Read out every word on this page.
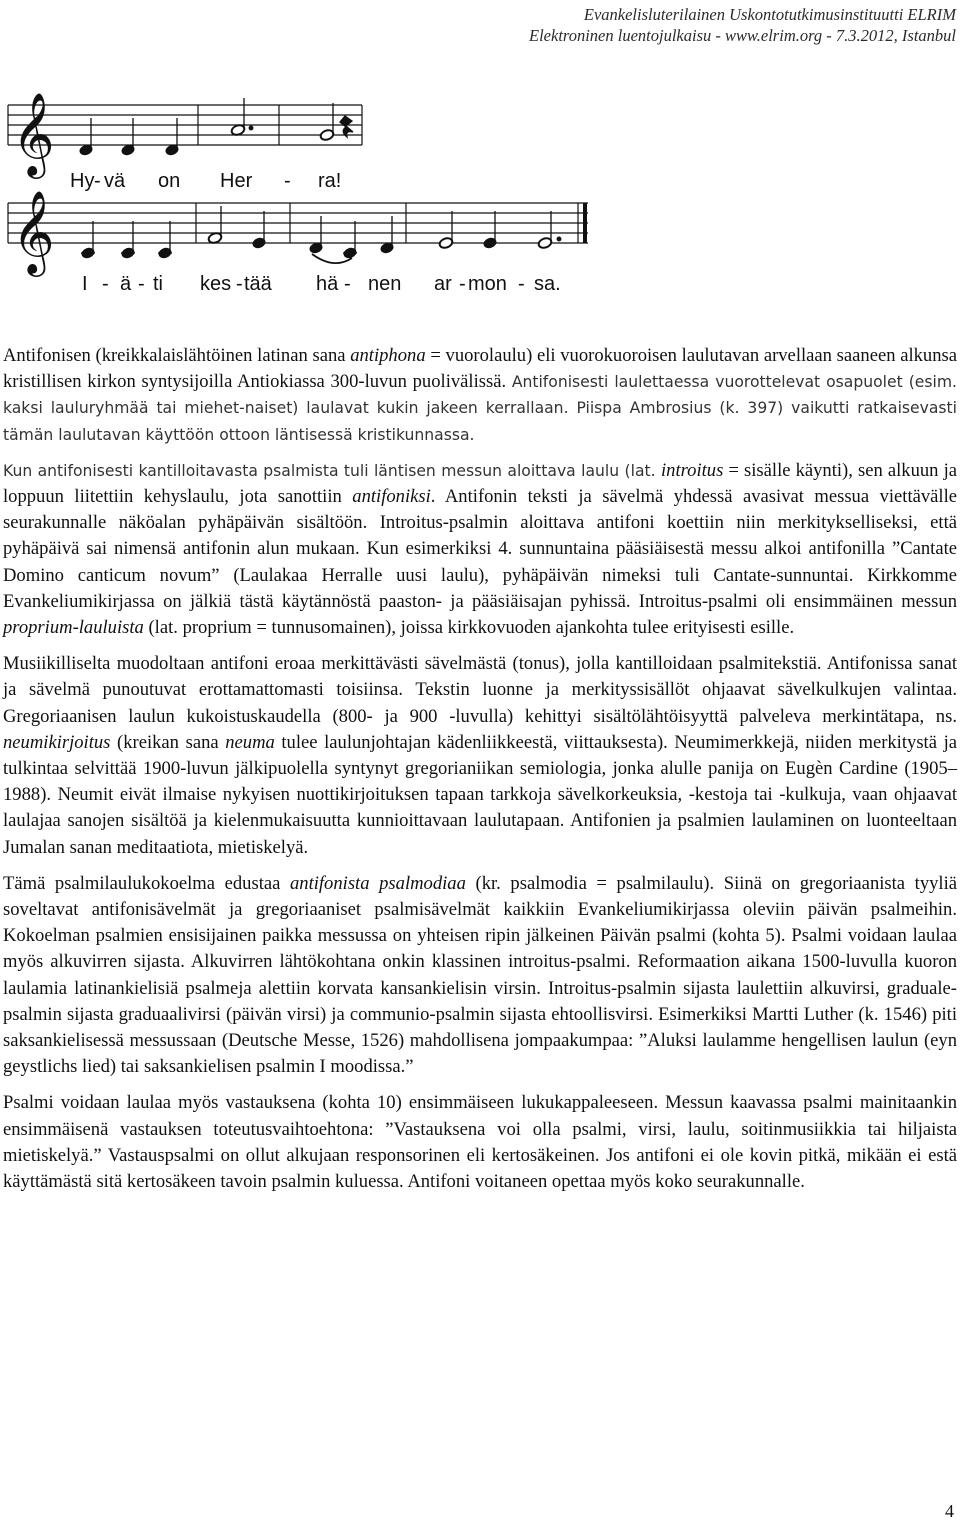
Evankelisluterilainen Uskontotutkimusinstituutti ELRIM
Elektroninen luentojulkaisu - www.elrim.org - 7.3.2012, Istanbul
𝄞
Hy - vä on Her - ra!
𝄞
I - ä - ti kes - tää hä - nen ar - mon - sa.

Antifonisen (kreikkalaislähtöinen latinan sana antiphona = vuorolaulu) eli vuorokuoroisen laulutavan arvellaan saaneen alkunsa kristillisen kirkon syntysijoilla Antiokiassa 300-luvun puolivälissä. Antifonisesti laulettaessa vuorottelevat osapuolet (esim. kaksi lauluryhmää tai miehet-naiset) laulavat kukin jakeen kerrallaan. Piispa Ambrosius (k. 397) vaikutti ratkaisevasti tämän laulutavan käyttöön ottoon läntisessä kristikunnassa.

Kun antifonisesti kantilloitavasta psalmista tuli läntisen messun aloittava laulu (lat. introitus = sisälle käynti), sen alkuun ja loppuun liitettiin kehyslaulu, jota sanottiin antifoniksi. Antifonin teksti ja sävelmä yhdessä avasivat messua viettävälle seurakunnalle näköalan pyhäpäivän sisältöön. Introitus-psalmin aloittava antifoni koettiin niin merkitykselliseksi, että pyhäpäivä sai nimensä antifonin alun mukaan. Kun esimerkiksi 4. sunnuntaina pääsiäisestä messu alkoi antifonilla ”Cantate Domino canticum novum” (Laulakaa Herralle uusi laulu), pyhäpäivän nimeksi tuli Cantate-sunnuntai. Kirkkomme Evankeliumikirjassa on jälkiä tästä käytännöstä paaston- ja pääsiäisajan pyhissä. Introitus-psalmi oli ensimmäinen messun proprium-lauluista (lat. proprium = tunnusomainen), joissa kirkkovuoden ajankohta tulee erityisesti esille.

Musiikilliselta muodoltaan antifoni eroaa merkittävästi sävelmästä (tonus), jolla kantilloidaan psalmitekstiä. Antifonissa sanat ja sävelmä punoutuvat erottamattomasti toisiinsa. Tekstin luonne ja merkityssisällöt ohjaavat sävelkulkujen valintaa. Gregoriaanisen laulun kukoistuskaudella (800- ja 900 -luvulla) kehittyi sisältölähtöisyyttä palveleva merkintätapa, ns. neumikirjoitus (kreikan sana neuma tulee laulunjohtajan kädenliikkeestä, viittauksesta). Neumimerkkejä, niiden merkitystä ja tulkintaa selvittää 1900-luvun jälkipuolella syntynyt gregorianiikan semiologia, jonka alulle panija on Eugèn Cardine (1905–1988). Neumit eivät ilmaise nykyisen nuottikirjoituksen tapaan tarkkoja sävelkorkeuksia, -kestoja tai -kulkuja, vaan ohjaavat laulajaa sanojen sisältöä ja kielenmukaisuutta kunnioittavaan laulutapaan. Antifonien ja psalmien laulaminen on luonteeltaan Jumalan sanan meditaatiota, mietiskelyä.

Tämä psalmilaulukokoelma edustaa antifonista psalmodiaa (kr. psalmodia = psalmilaulu). Siinä on gregoriaanista tyyliä soveltavat antifonisävelmät ja gregoriaaniset psalmisävelmät kaikkiin Evankeliumikirjassa oleviin päivän psalmeihin. Kokoelman psalmien ensisijainen paikka messussa on yhteisen ripin jälkeinen Päivän psalmi (kohta 5). Psalmi voidaan laulaa myös alkuvirren sijasta. Alkuvirren lähtökohtana onkin klassinen introitus-psalmi. Reformaation aikana 1500-luvulla kuoron laulamia latinankielisiä psalmeja alettiin korvata kansankielisin virsin. Introitus-psalmin sijasta laulettiin alkuvirsi, graduale-psalmin sijasta graduaalivirsi (päivän virsi) ja communio-psalmin sijasta ehtoollisvirsi. Esimerkiksi Martti Luther (k. 1546) piti saksankielisessä messussaan (Deutsche Messe, 1526) mahdollisena jompaakumpaa: ”Aluksi laulamme hengellisen laulun (eyn geystlichs lied) tai saksankielisen psalmin I moodissa.”

Psalmi voidaan laulaa myös vastauksena (kohta 10) ensimmäiseen lukukappaleeseen. Messun kaavassa psalmi mainitaankin ensimmäisenä vastauksen toteutusvaihtoehtona: ”Vastauksena voi olla psalmi, virsi, laulu, soitinmusiikkia tai hiljaista mietiskelyä.” Vastauspsalmi on ollut alkujaan responsorinen eli kertosäkeinen. Jos antifoni ei ole kovin pitkä, mikään ei estä käyttämästä sitä kertosäkeen tavoin psalmin kuluessa. Antifoni voitaneen opettaa myös koko seurakunnalle.

4
